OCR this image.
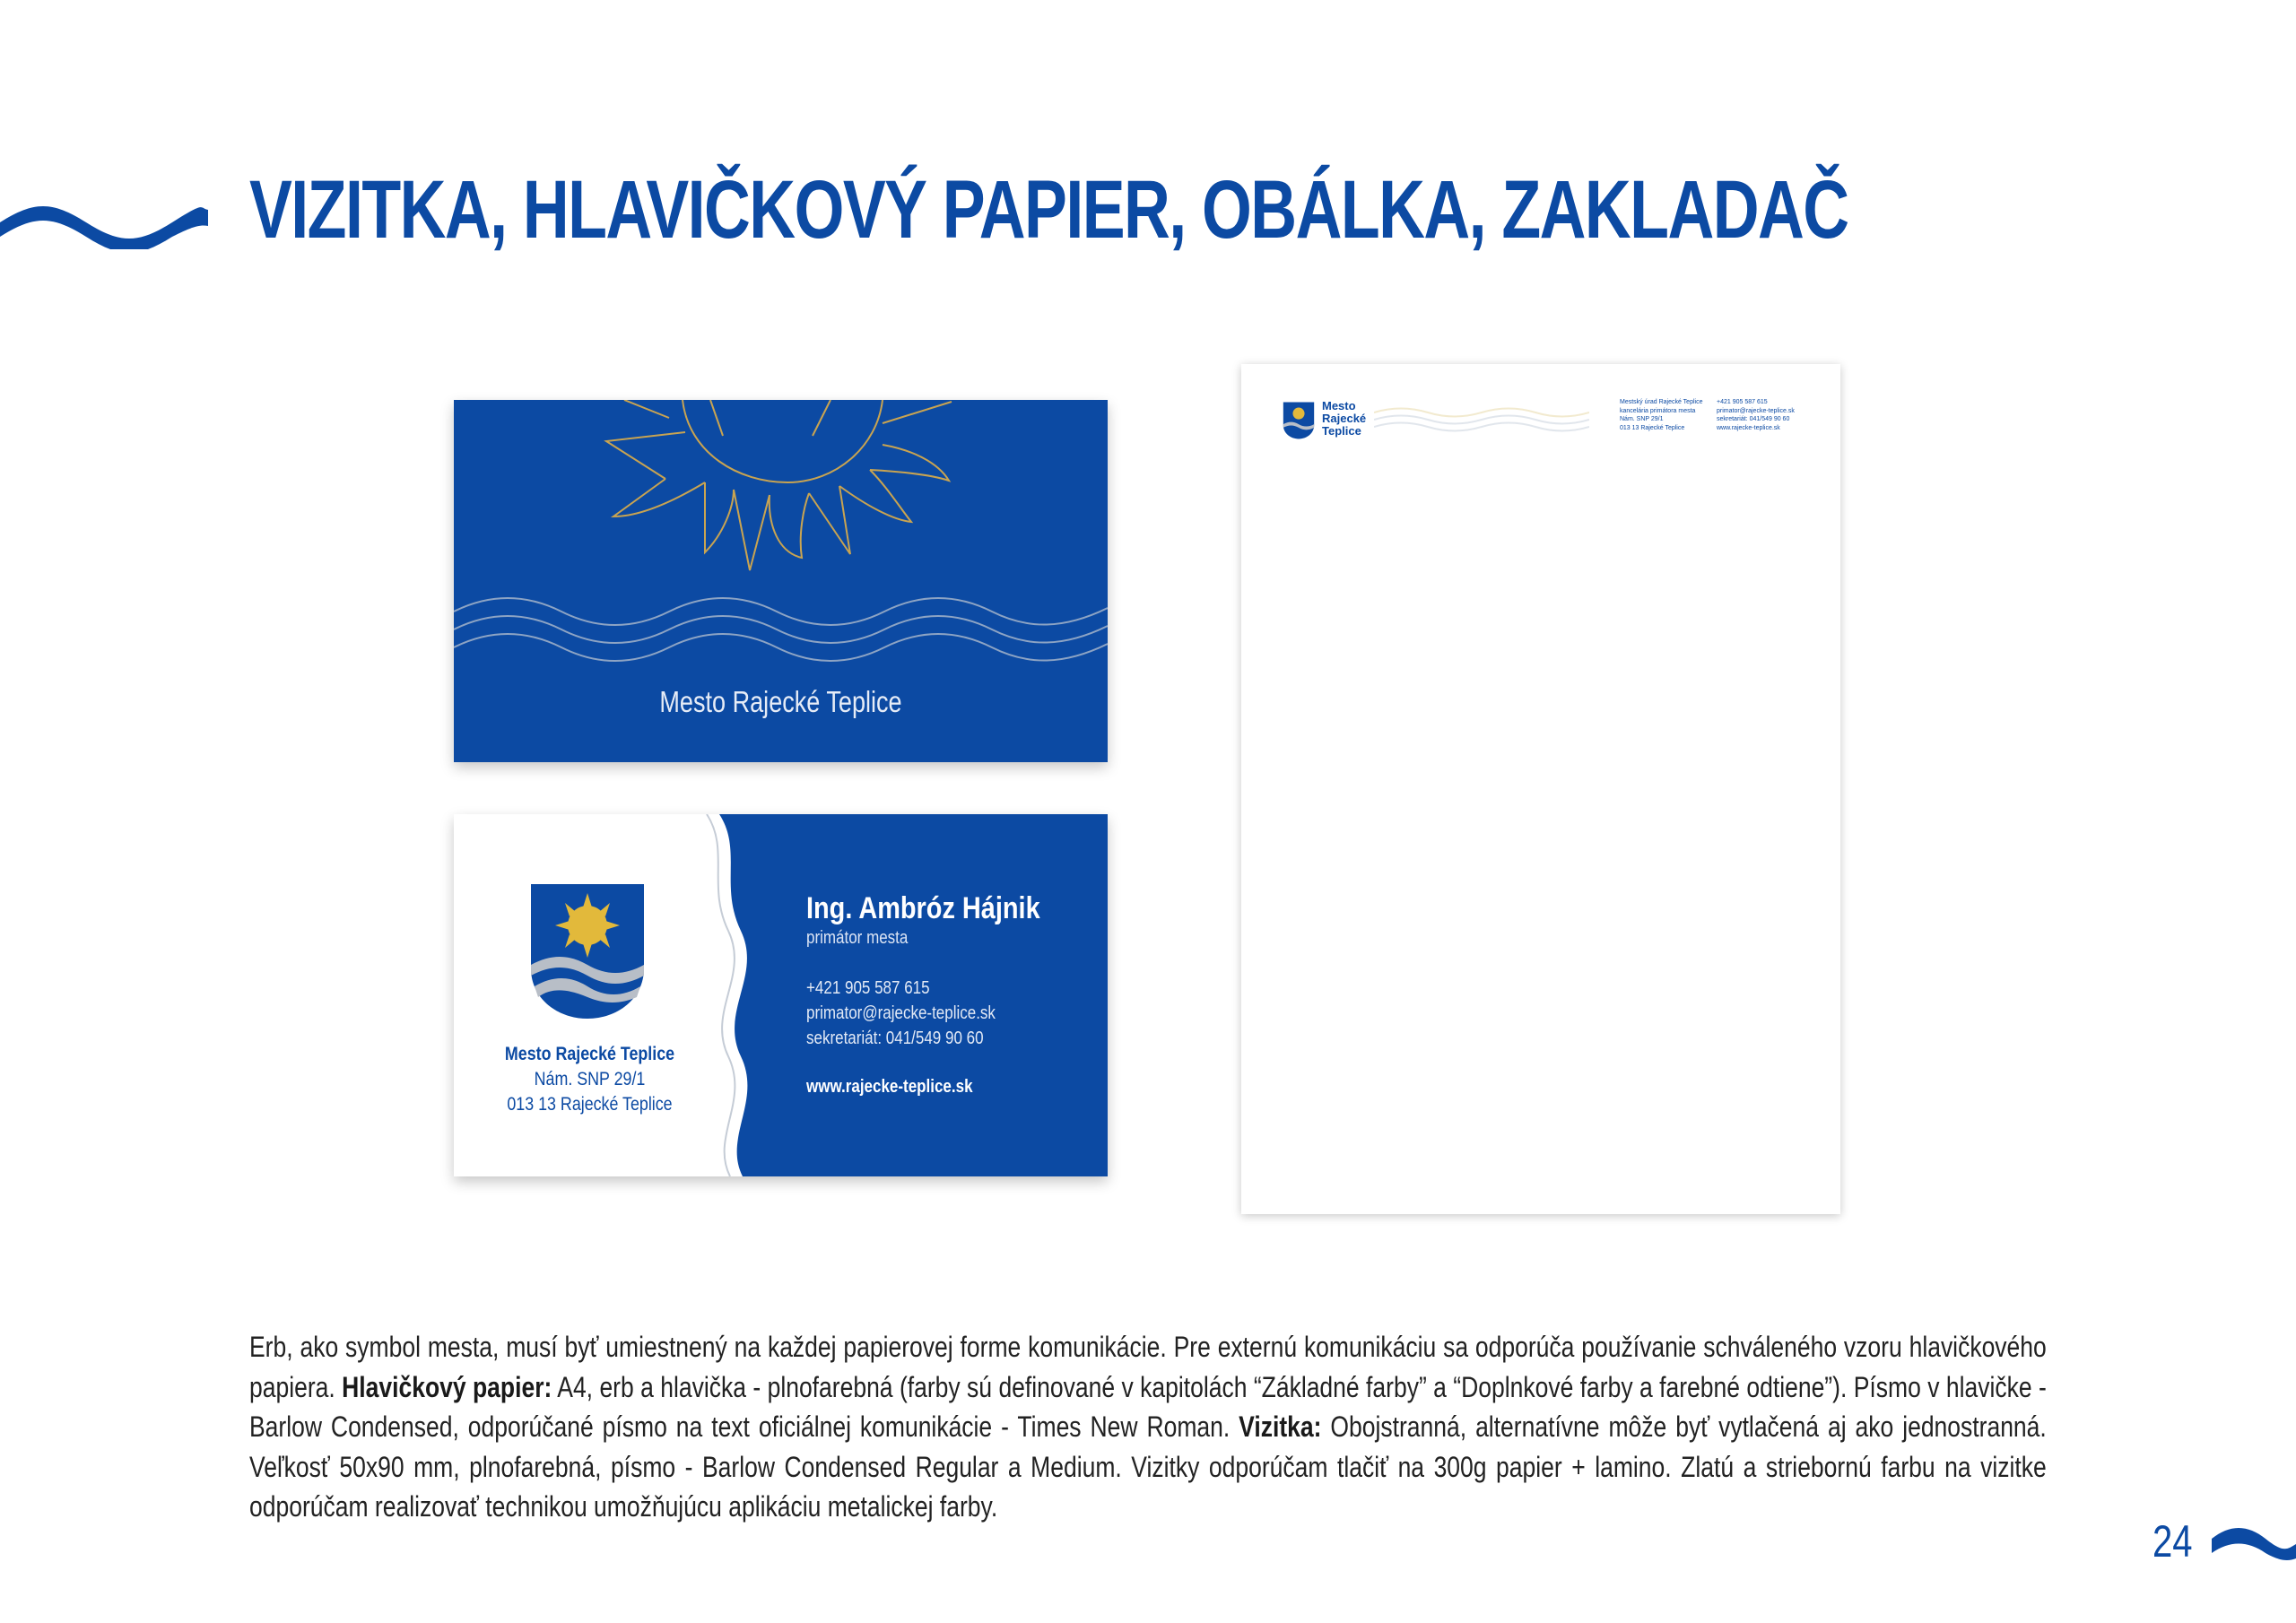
VIZITKA, HLAVIČKOVÝ PAPIER, OBÁLKA, ZAKLADAČ
Mesto Rajecké Teplice
Mesto Rajecké Teplice
Nám. SNP 29/1
013 13 Rajecké Teplice
Ing. Ambróz Hájnik
primátor mesta
+421 905 587 615
primator@rajecke-teplice.sk
sekretariát: 041/549 90 60
www.rajecke-teplice.sk
Mesto
Rajecké
Teplice
Mestský úrad Rajecké Teplice
kancelária primátora mesta
Nám. SNP 29/1
013 13 Rajecké Teplice
+421 905 587 615
primator@rajecke-teplice.sk
sekretariát: 041/549 90 60
www.rajecke-teplice.sk

Erb, ako symbol mesta, musí byť umiestnený na každej papierovej forme komunikácie. Pre externú komunikáciu sa odporúča používanie schváleného vzoru hlavičkového papiera. Hlavičkový papier: A4, erb a hlavička - plnofarebná (farby sú definované v kapitolách “Základné farby” a “Doplnkové farby a farebné odtiene”). Písmo v hlavičke - Barlow Condensed, odporúčané písmo na text oficiálnej komunikácie - Times New Roman. Vizitka: Obojstranná, alternatívne môže byť vytlačená aj ako jednostranná. Veľkosť 50x90 mm, plnofarebná, písmo - Barlow Condensed Regular a Medium. Vizitky odporúčam tlačiť na 300g papier + lamino. Zlatú a striebornú farbu na vizitke odporúčam realizovať technikou umožňujúcu aplikáciu metalickej farby.

24
